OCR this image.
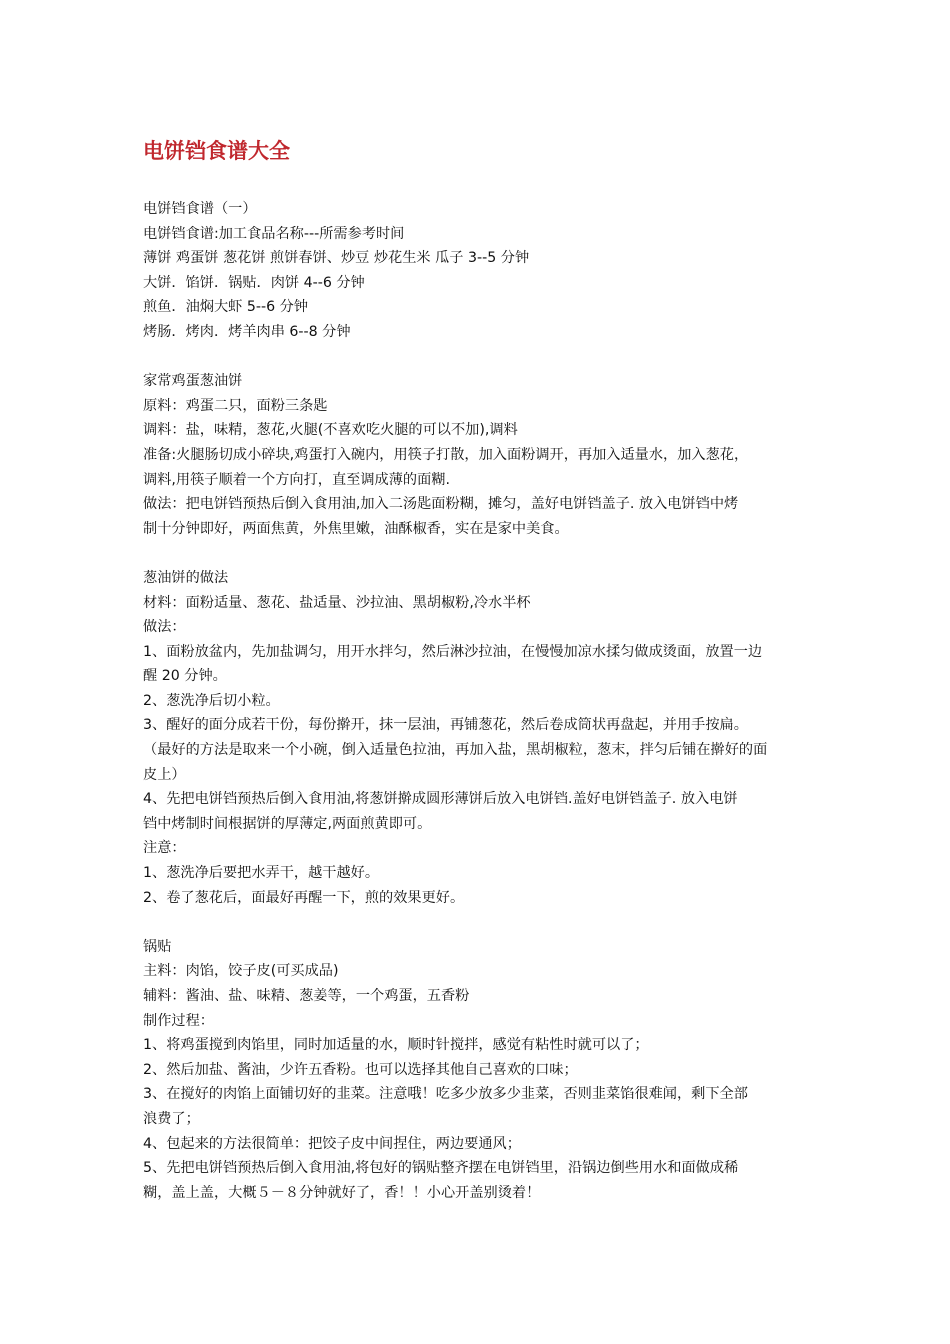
电饼铛食谱大全
电饼铛食谱（一）
电饼铛食谱:加工食品名称---所需参考时间
薄饼 鸡蛋饼 葱花饼 煎饼春饼、炒豆 炒花生米 瓜子 3--5 分钟
大饼．馅饼．锅贴．肉饼 4--6 分钟
煎鱼．油焖大虾 5--6 分钟
烤肠．烤肉．烤羊肉串 6--8 分钟
家常鸡蛋葱油饼
原料：鸡蛋二只，面粉三条匙
调料：盐，味精，葱花,火腿(不喜欢吃火腿的可以不加),调料
准备:火腿肠切成小碎块,鸡蛋打入碗内，用筷子打散，加入面粉调开，再加入适量水，加入葱花，
调料,用筷子顺着一个方向打，直至调成薄的面糊.
做法：把电饼铛预热后倒入食用油,加入二汤匙面粉糊，摊匀，盖好电饼铛盖子. 放入电饼铛中烤
制十分钟即好，两面焦黄，外焦里嫩，油酥椒香，实在是家中美食。
葱油饼的做法
材料：面粉适量、葱花、盐适量、沙拉油、黑胡椒粉,冷水半杯
做法：
1、面粉放盆内，先加盐调匀，用开水拌匀，然后淋沙拉油，在慢慢加凉水揉匀做成烫面，放置一边
醒 20 分钟。
2、葱洗净后切小粒。
3、醒好的面分成若干份，每份擀开，抹一层油，再铺葱花，然后卷成筒状再盘起，并用手按扁。
（最好的方法是取来一个小碗，倒入适量色拉油，再加入盐，黑胡椒粒，葱末，拌匀后铺在擀好的面
皮上）
4、先把电饼铛预热后倒入食用油,将葱饼擀成圆形薄饼后放入电饼铛.盖好电饼铛盖子. 放入电饼
铛中烤制时间根据饼的厚薄定,两面煎黄即可。
注意：
1、葱洗净后要把水弄干，越干越好。
2、卷了葱花后，面最好再醒一下，煎的效果更好。
锅贴
主料：肉馅，饺子皮(可买成品)
辅料：酱油、盐、味精、葱姜等，一个鸡蛋，五香粉
制作过程：
1、将鸡蛋搅到肉馅里，同时加适量的水，顺时针搅拌，感觉有粘性时就可以了；
2、然后加盐、酱油，少许五香粉。也可以选择其他自己喜欢的口味；
3、在搅好的肉馅上面铺切好的韭菜。注意哦！吃多少放多少韭菜，否则韭菜馅很难闻，剩下全部
浪费了；
4、包起来的方法很简单：把饺子皮中间捏住，两边要通风；
5、先把电饼铛预热后倒入食用油,将包好的锅贴整齐摆在电饼铛里，沿锅边倒些用水和面做成稀
糊，盖上盖，大概５－８分钟就好了，香！！小心开盖别烫着！
